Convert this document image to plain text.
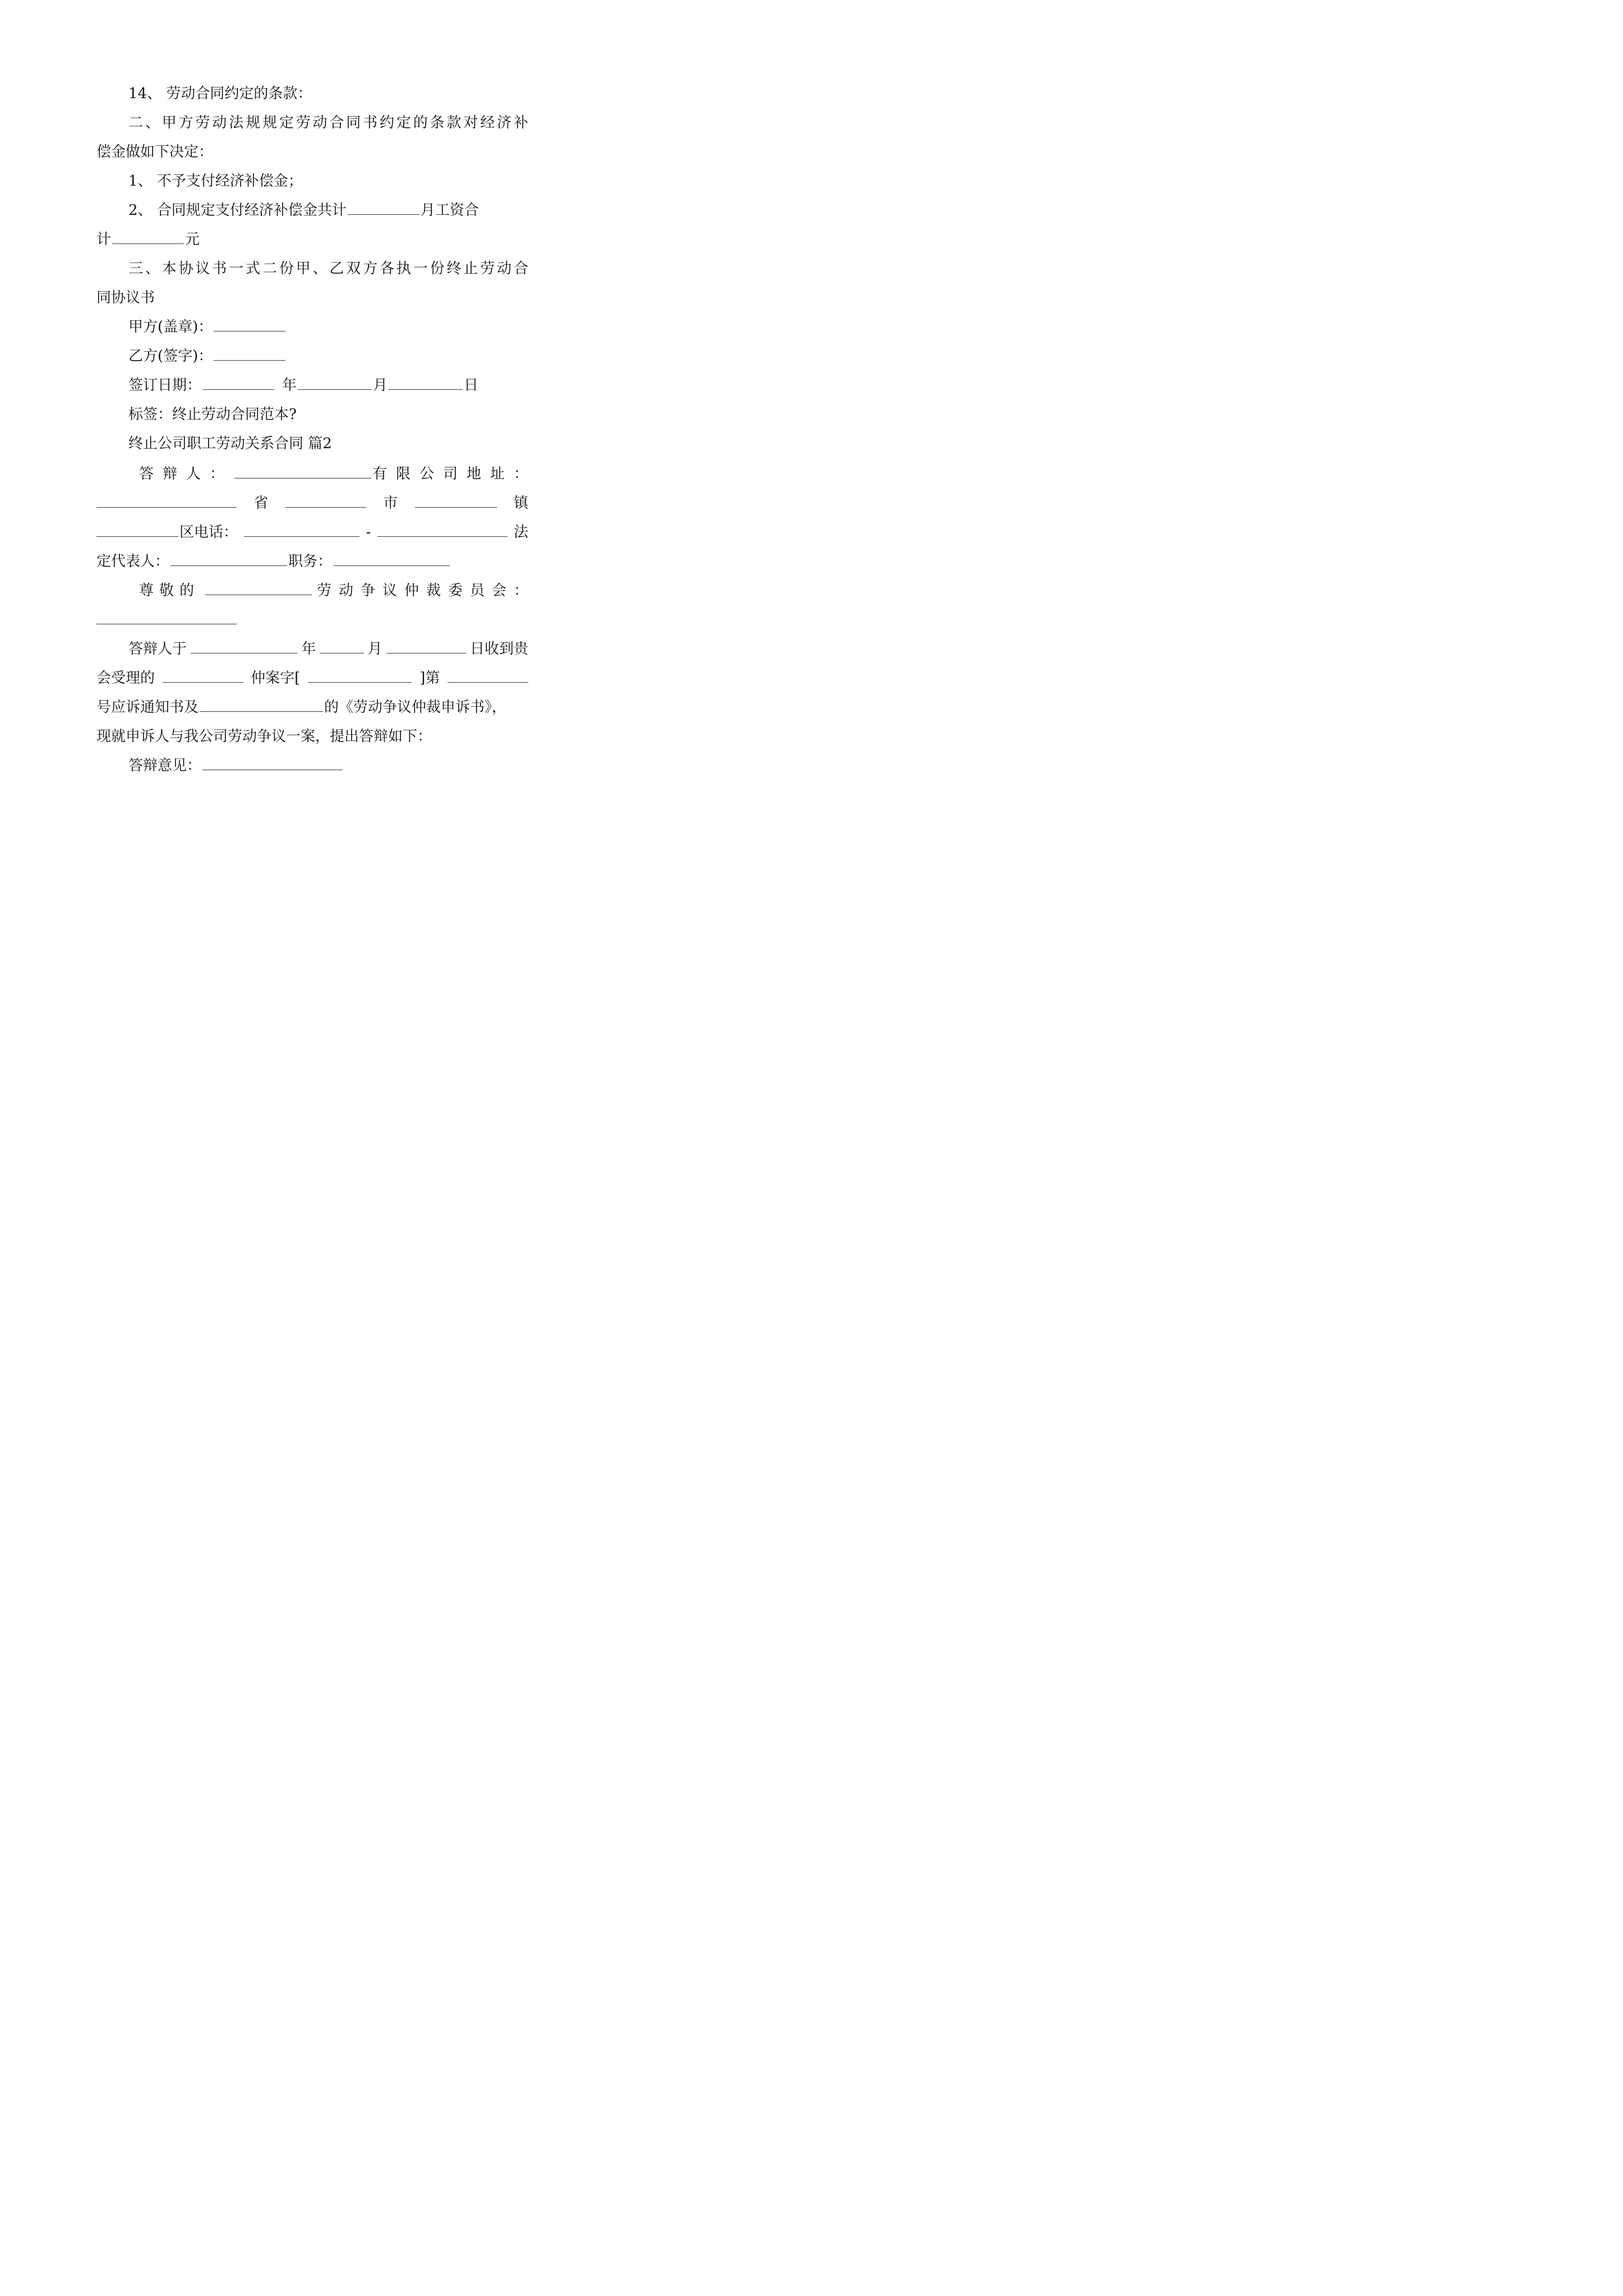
14、 劳动合同约定的条款：
二、甲方劳动法规规定劳动合同书约定的条款对经济补
偿金做如下决定：
1、 不予支付经济补偿金；
2、 合同规定支付经济补偿金共计	月工资合
计	元
三、本协议书一式二份甲、乙双方各执一份终止劳动合
同协议书
甲方(盖章)：
乙方(签字)：
签订日期：	年	月	日
标签：终止劳动合同范本?
终止公司职工劳动关系合同 篇2
答辩人：	有限公司地址：
省	市	镇
区电话：	-	法
定代表人：	职务：
尊敬的	劳动争议仲裁委员会：
答辩人于	年	月	日收到贵
会受理的	仲案字[	]第
号应诉通知书及	的《劳动争议仲裁申诉书》，
现就申诉人与我公司劳动争议一案，提出答辩如下：
答辩意见：
